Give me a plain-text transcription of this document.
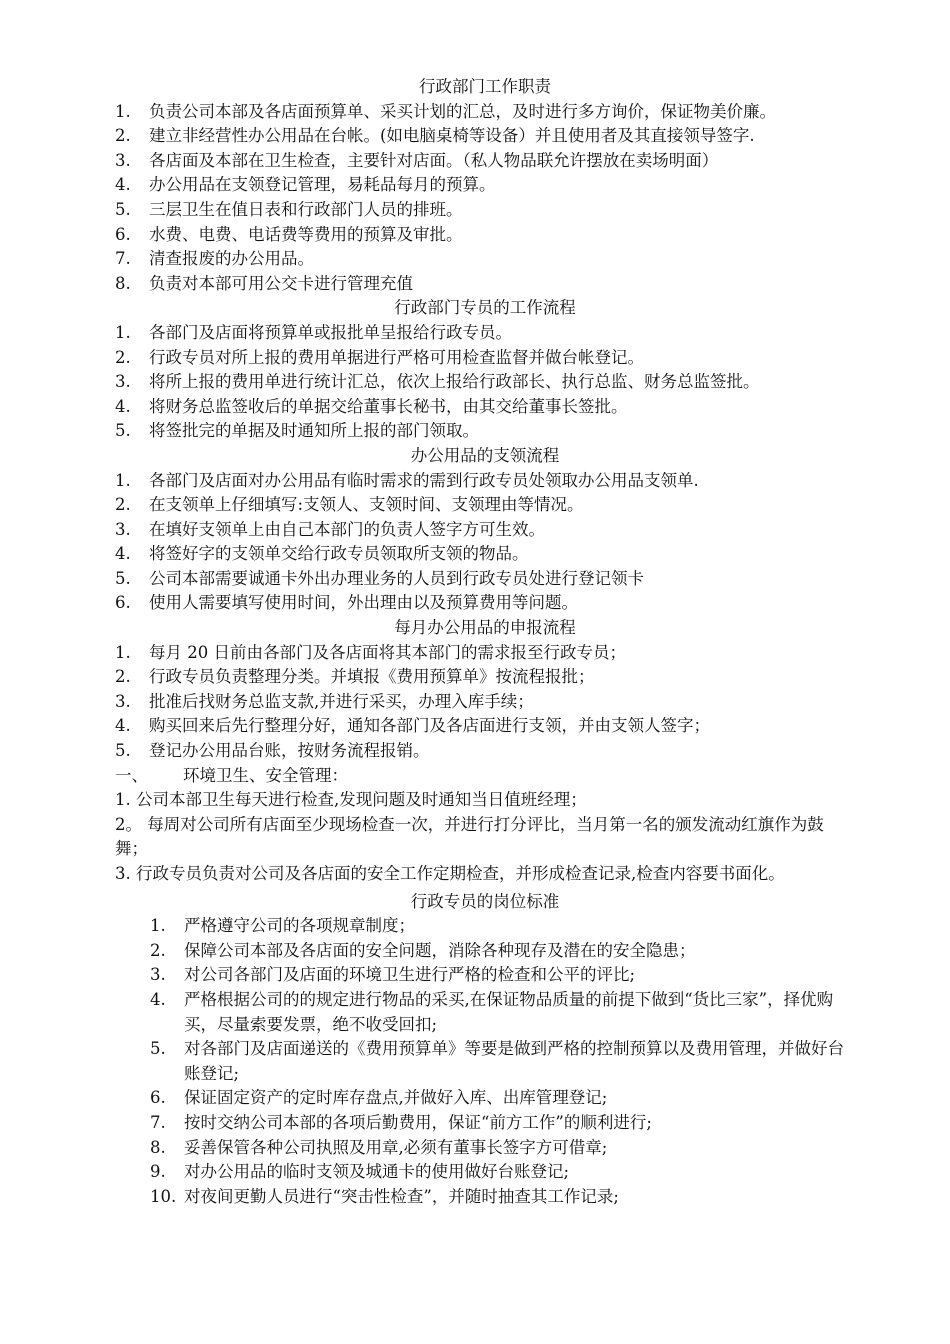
行政部门工作职责
1. 负责公司本部及各店面预算单、采买计划的汇总，及时进行多方询价，保证物美价廉。
2. 建立非经营性办公用品在台帐。(如电脑桌椅等设备）并且使用者及其直接领导签字.
3. 各店面及本部在卫生检查，主要针对店面。（私人物品联允许摆放在卖场明面）
4. 办公用品在支领登记管理，易耗品每月的预算。
5. 三层卫生在值日表和行政部门人员的排班。
6. 水费、电费、电话费等费用的预算及审批。
7. 清查报废的办公用品。
8. 负责对本部可用公交卡进行管理充值
行政部门专员的工作流程
1. 各部门及店面将预算单或报批单呈报给行政专员。
2. 行政专员对所上报的费用单据进行严格可用检查监督并做台帐登记。
3. 将所上报的费用单进行统计汇总，依次上报给行政部长、执行总监、财务总监签批。
4. 将财务总监签收后的单据交给董事长秘书，由其交给董事长签批。
5. 将签批完的单据及时通知所上报的部门领取。
办公用品的支领流程
1. 各部门及店面对办公用品有临时需求的需到行政专员处领取办公用品支领单.
2. 在支领单上仔细填写:支领人、支领时间、支领理由等情况。
3. 在填好支领单上由自己本部门的负责人签字方可生效。
4. 将签好字的支领单交给行政专员领取所支领的物品。
5. 公司本部需要诚通卡外出办理业务的人员到行政专员处进行登记领卡
6. 使用人需要填写使用时间，外出理由以及预算费用等问题。
每月办公用品的申报流程
1. 每月 20 日前由各部门及各店面将其本部门的需求报至行政专员；
2. 行政专员负责整理分类。并填报《费用预算单》按流程报批；
3. 批准后找财务总监支款,并进行采买，办理入库手续；
4. 购买回来后先行整理分好，通知各部门及各店面进行支领，并由支领人签字；
5. 登记办公用品台账，按财务流程报销。
一、 环境卫生、安全管理：

1. 公司本部卫生每天进行检查,发现问题及时通知当日值班经理；

2。 每周对公司所有店面至少现场检查一次，并进行打分评比，当月第一名的颁发流动红旗作为鼓舞；

3. 行政专员负责对公司及各店面的安全工作定期检查，并形成检查记录,检查内容要书面化。

行政专员的岗位标准
1. 严格遵守公司的各项规章制度；
2. 保障公司本部及各店面的安全问题，消除各种现存及潜在的安全隐患；
3. 对公司各部门及店面的环境卫生进行严格的检查和公平的评比;
4. 严格根据公司的的规定进行物品的采买,在保证物品质量的前提下做到“货比三家”，择优购买，尽量索要发票，绝不收受回扣;
5. 对各部门及店面递送的《费用预算单》等要是做到严格的控制预算以及费用管理，并做好台账登记;
6. 保证固定资产的定时库存盘点,并做好入库、出库管理登记;
7. 按时交纳公司本部的各项后勤费用，保证“前方工作”的顺利进行;
8. 妥善保管各种公司执照及用章,必须有董事长签字方可借章;
9. 对办公用品的临时支领及城通卡的使用做好台账登记;
10. 对夜间更勤人员进行“突击性检查”，并随时抽查其工作记录;
